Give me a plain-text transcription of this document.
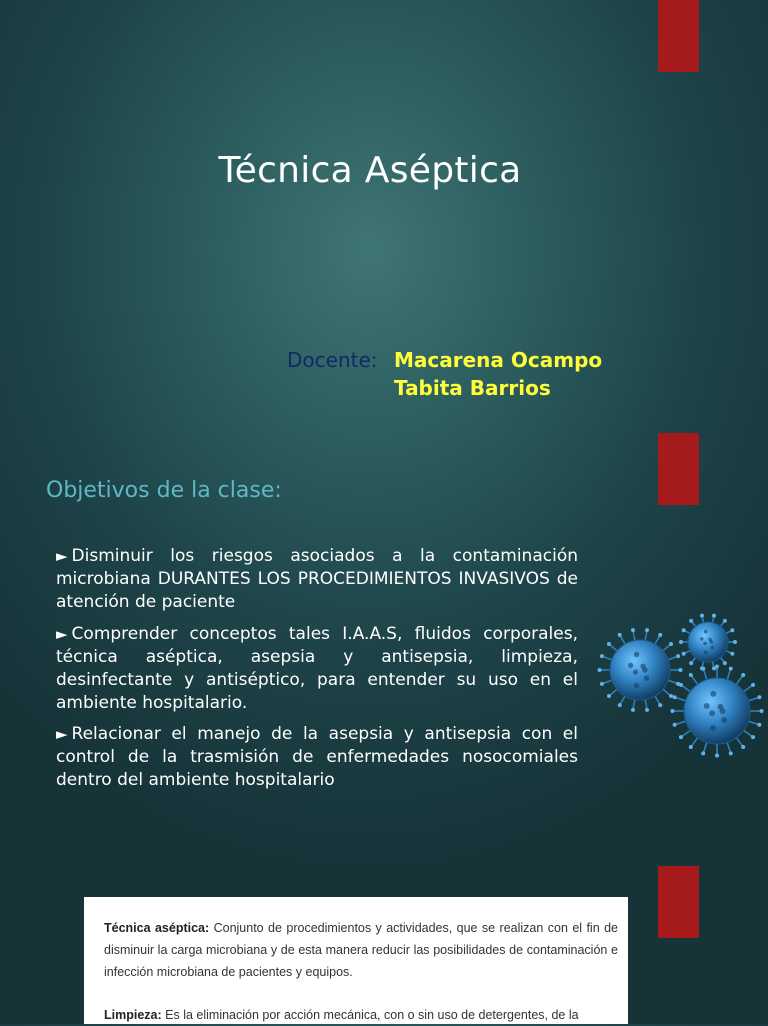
Técnica Aséptica
Docente: Macarena Ocampo
Tabita Barrios
Objetivos de la clase:
► Disminuir los riesgos asociados a la contaminación microbiana DURANTES LOS PROCEDIMIENTOS INVASIVOS de atención de paciente
► Comprender conceptos tales I.A.A.S, fluidos corporales, técnica aséptica, asepsia y antisepsia, limpieza, desinfectante y antiséptico, para entender su uso en el ambiente hospitalario.
► Relacionar el manejo de la asepsia y antisepsia con el control de la trasmisión de enfermedades nosocomiales dentro del ambiente hospitalario

Técnica aséptica: Conjunto de procedimientos y actividades, que se realizan con el fin de disminuir la carga microbiana y de esta manera reducir las posibilidades de contaminación e infección microbiana de pacientes y equipos.

Limpieza: Es la eliminación por acción mecánica, con o sin uso de detergentes, de la
